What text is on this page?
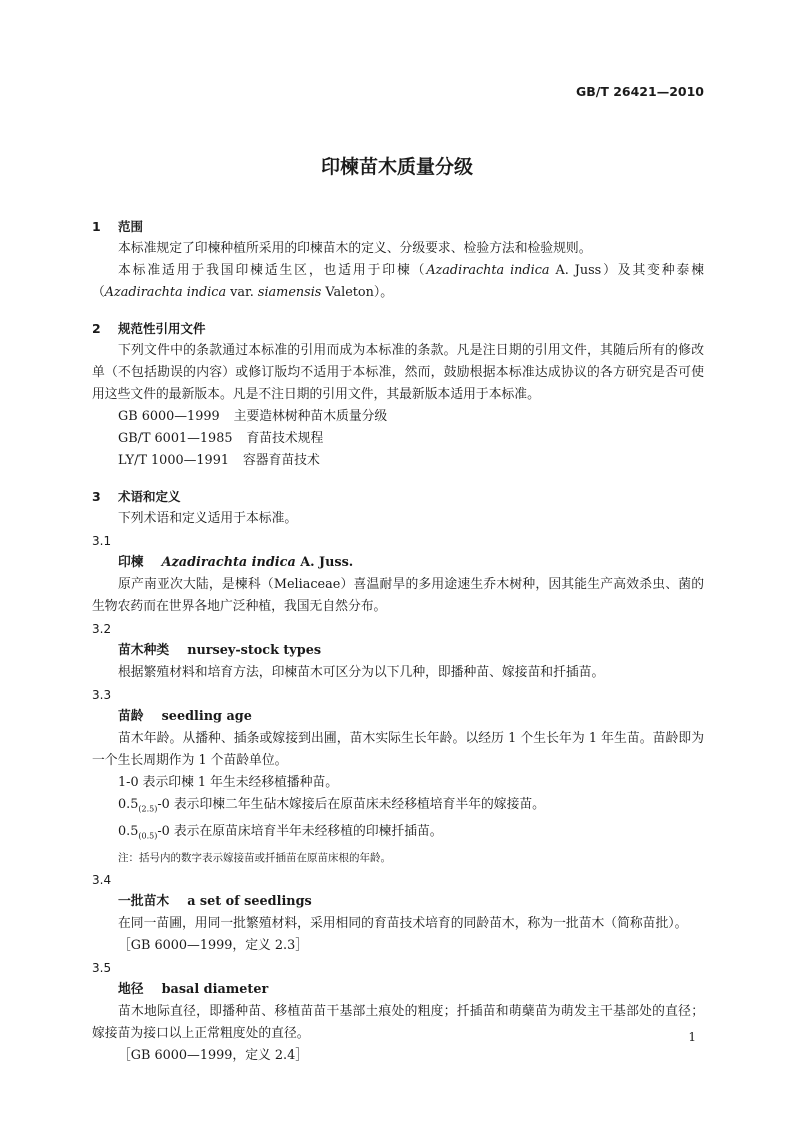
GB/T 26421—2010
印楝苗木质量分级
1 范围
本标准规定了印楝种植所采用的印楝苗木的定义、分级要求、检验方法和检验规则。
本标准适用于我国印楝适生区，也适用于印楝（Azadirachta indica A. Juss）及其变种泰楝（Azadirachta indica var. siamensis Valeton）。
2 规范性引用文件
下列文件中的条款通过本标准的引用而成为本标准的条款。凡是注日期的引用文件，其随后所有的修改单（不包括勘误的内容）或修订版均不适用于本标准，然而，鼓励根据本标准达成协议的各方研究是否可使用这些文件的最新版本。凡是不注日期的引用文件，其最新版本适用于本标准。
GB 6000—1999 主要造林树种苗木质量分级
GB/T 6001—1985 育苗技术规程
LY/T 1000—1991 容器育苗技术
3 术语和定义
下列术语和定义适用于本标准。
3.1
印楝 Azadirachta indica A. Juss.
原产南亚次大陆，是楝科（Meliaceae）喜温耐旱的多用途速生乔木树种，因其能生产高效杀虫、菌的生物农药而在世界各地广泛种植，我国无自然分布。
3.2
苗木种类 nursey-stock types
根据繁殖材料和培育方法，印楝苗木可区分为以下几种，即播种苗、嫁接苗和扦插苗。
3.3
苗龄 seedling age
苗木年龄。从播种、插条或嫁接到出圃，苗木实际生长年龄。以经历 1 个生长年为 1 年生苗。苗龄即为一个生长周期作为 1 个苗龄单位。
1-0 表示印楝 1 年生未经移植播种苗。
$0.5_{(2.5)}-0$ 表示印楝二年生砧木嫁接后在原苗床未经移植培育半年的嫁接苗。
$0.5_{(0.5)}-0$ 表示在原苗床培育半年未经移植的印楝扦插苗。
注：括号内的数字表示嫁接苗或扦插苗在原苗床根的年龄。
3.4
一批苗木 a set of seedlings
在同一苗圃，用同一批繁殖材料，采用相同的育苗技术培育的同龄苗木，称为一批苗木（简称苗批）。
［GB 6000—1999，定义 2.3］
3.5
地径 basal diameter
苗木地际直径，即播种苗、移植苗苗干基部土痕处的粗度；扦插苗和萌蘖苗为萌发主干基部处的直径；嫁接苗为接口以上正常粗度处的直径。
［GB 6000—1999，定义 2.4］
1
